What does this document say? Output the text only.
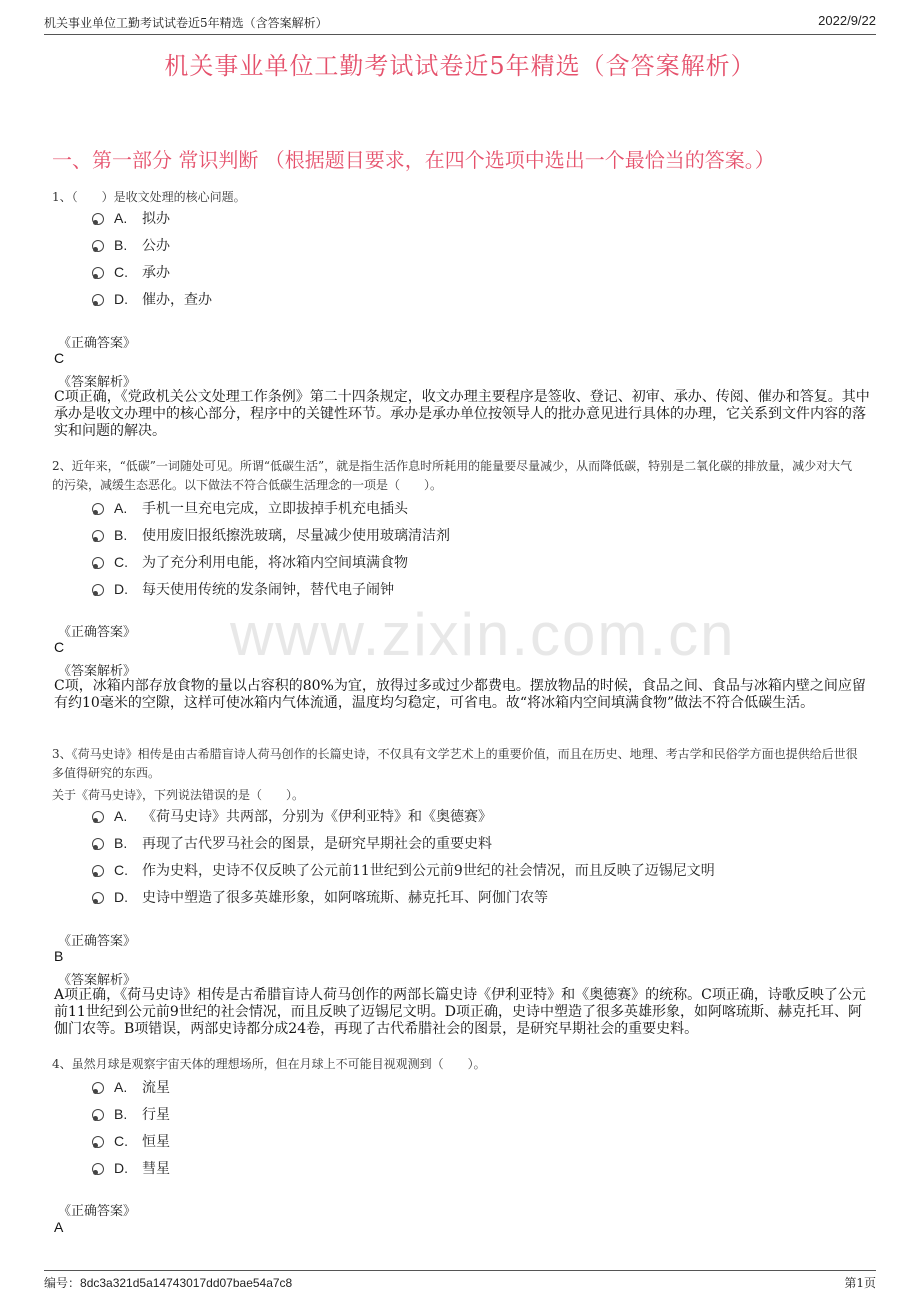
机关事业单位工勤考试试卷近5年精选（含答案解析）	2022/9/22
机关事业单位工勤考试试卷近5年精选（含答案解析）
一、第一部分 常识判断 （根据题目要求，在四个选项中选出一个最恰当的答案。）
www.zixin.com.cn
1、（　　）是收文处理的核心问题。
A. 拟办
B. 公办
C. 承办
D. 催办，查办
《正确答案》
C
《答案解析》
C项正确，《党政机关公文处理工作条例》第二十四条规定，收文办理主要程序是签收、登记、初审、承办、传阅、催办和答复。其中承办是收文办理中的核心部分，程序中的关键性环节。承办是承办单位按领导人的批办意见进行具体的办理，它关系到文件内容的落实和问题的解决。
2、近年来，“低碳”一词随处可见。所谓“低碳生活”，就是指生活作息时所耗用的能量要尽量减少，从而降低碳，特别是二氧化碳的排放量，减少对大气的污染，减缓生态恶化。以下做法不符合低碳生活理念的一项是（　　）。
A. 手机一旦充电完成，立即拔掉手机充电插头
B. 使用废旧报纸擦洗玻璃，尽量减少使用玻璃清洁剂
C. 为了充分利用电能，将冰箱内空间填满食物
D. 每天使用传统的发条闹钟，替代电子闹钟
《正确答案》
C
《答案解析》
C项，冰箱内部存放食物的量以占容积的80%为宜，放得过多或过少都费电。摆放物品的时候，食品之间、食品与冰箱内壁之间应留有约10毫米的空隙，这样可使冰箱内气体流通，温度均匀稳定，可省电。故“将冰箱内空间填满食物”做法不符合低碳生活。
3、《荷马史诗》相传是由古希腊盲诗人荷马创作的长篇史诗，不仅具有文学艺术上的重要价值，而且在历史、地理、考古学和民俗学方面也提供给后世很多值得研究的东西。
关于《荷马史诗》，下列说法错误的是（　　）。
A. 《荷马史诗》共两部，分别为《伊利亚特》和《奥德赛》
B. 再现了古代罗马社会的图景，是研究早期社会的重要史料
C. 作为史料，史诗不仅反映了公元前11世纪到公元前9世纪的社会情况，而且反映了迈锡尼文明
D. 史诗中塑造了很多英雄形象，如阿喀琉斯、赫克托耳、阿伽门农等
《正确答案》
B
《答案解析》
A项正确，《荷马史诗》相传是古希腊盲诗人荷马创作的两部长篇史诗《伊利亚特》和《奥德赛》的统称。C项正确，诗歌反映了公元前11世纪到公元前9世纪的社会情况，而且反映了迈锡尼文明。D项正确，史诗中塑造了很多英雄形象，如阿喀琉斯、赫克托耳、阿伽门农等。B项错误，两部史诗都分成24卷，再现了古代希腊社会的图景，是研究早期社会的重要史料。
4、虽然月球是观察宇宙天体的理想场所，但在月球上不可能目视观测到（　　）。
A. 流星
B. 行星
C. 恒星
D. 彗星
《正确答案》
A
编号：8dc3a321d5a14743017dd07bae54a7c8	第1页
